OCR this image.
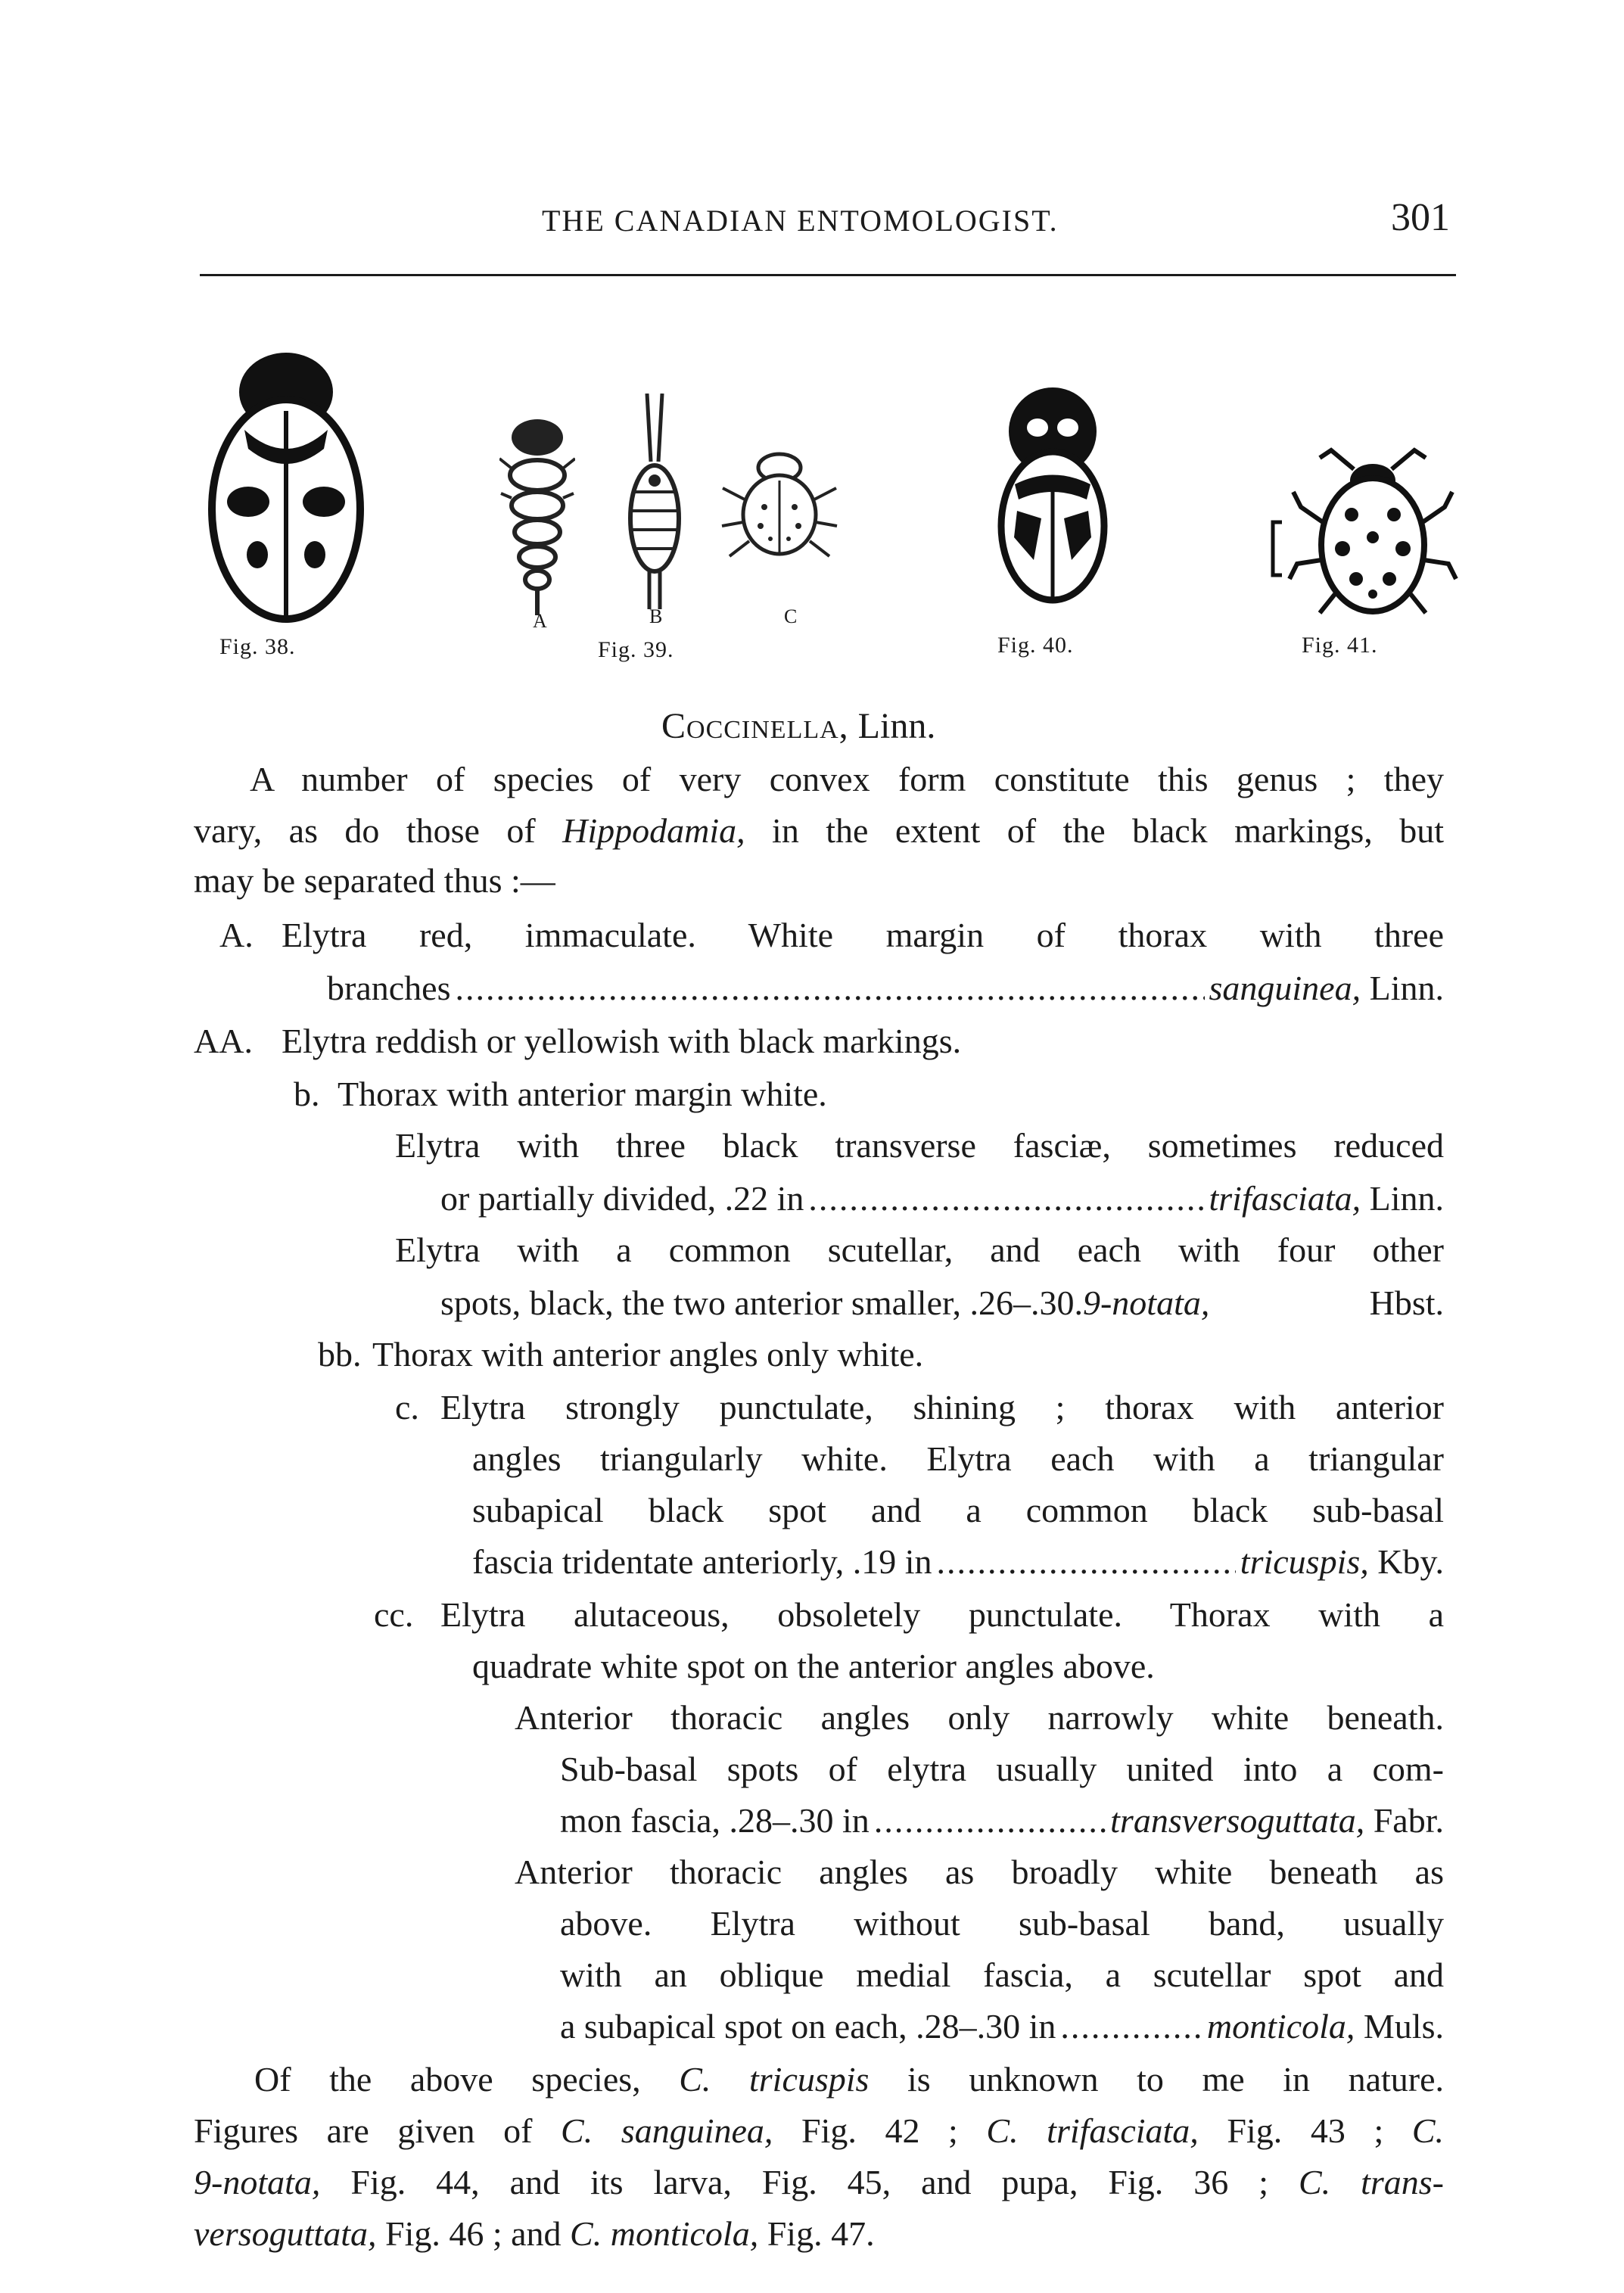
THE CANADIAN ENTOMOLOGIST.	301
A	B	C
Fig. 38.	Fig. 39.	Fig. 40.	Fig. 41.
Coccinella, Linn.
A number of species of very convex form constitute this genus ; they
vary, as do those of Hippodamia, in the extent of the black markings, but
may be separated thus :—
A. Elytra red, immaculate. White margin of thorax with three
branches .....	sanguinea,
Linn.
AA. Elytra reddish or yellowish with black markings.
b. Thorax with anterior margin white.
Elytra with three black transverse fasciæ, sometimes reduced
or partially divided, .22 in .....	trifasciata,
Linn.
Elytra with a common scutellar, and each with four other
spots, black, the two anterior smaller, .26–.30. 9-notata,	Hbst.
bb. Thorax with anterior angles only white.
c. Elytra strongly punctulate, shining ; thorax with anterior
angles triangularly white. Elytra each with a triangular
subapical black spot and a common black sub-basal
fascia tridentate anteriorly, .19 in .....	tricuspis,
Kby.
cc. Elytra alutaceous, obsoletely punctulate. Thorax with a
quadrate white spot on the anterior angles above.
Anterior thoracic angles only narrowly white beneath.
Sub-basal spots of elytra usually united into a com-
mon fascia, .28–.30 in .....	transversoguttata,
Fabr.
Anterior thoracic angles as broadly white beneath as
above. Elytra without sub-basal band, usually
with an oblique medial fascia, a scutellar spot and
a subapical spot on each, .28–.30 in .....	monticola,
Muls.
Of the above species, C. tricuspis is unknown to me in nature.
Figures are given of C. sanguinea, Fig. 42 ; C. trifasciata, Fig. 43 ; C.
9-notata, Fig. 44, and its larva, Fig. 45, and pupa, Fig. 36 ; C. trans-
versoguttata, Fig. 46 ; and C. monticola, Fig. 47.
